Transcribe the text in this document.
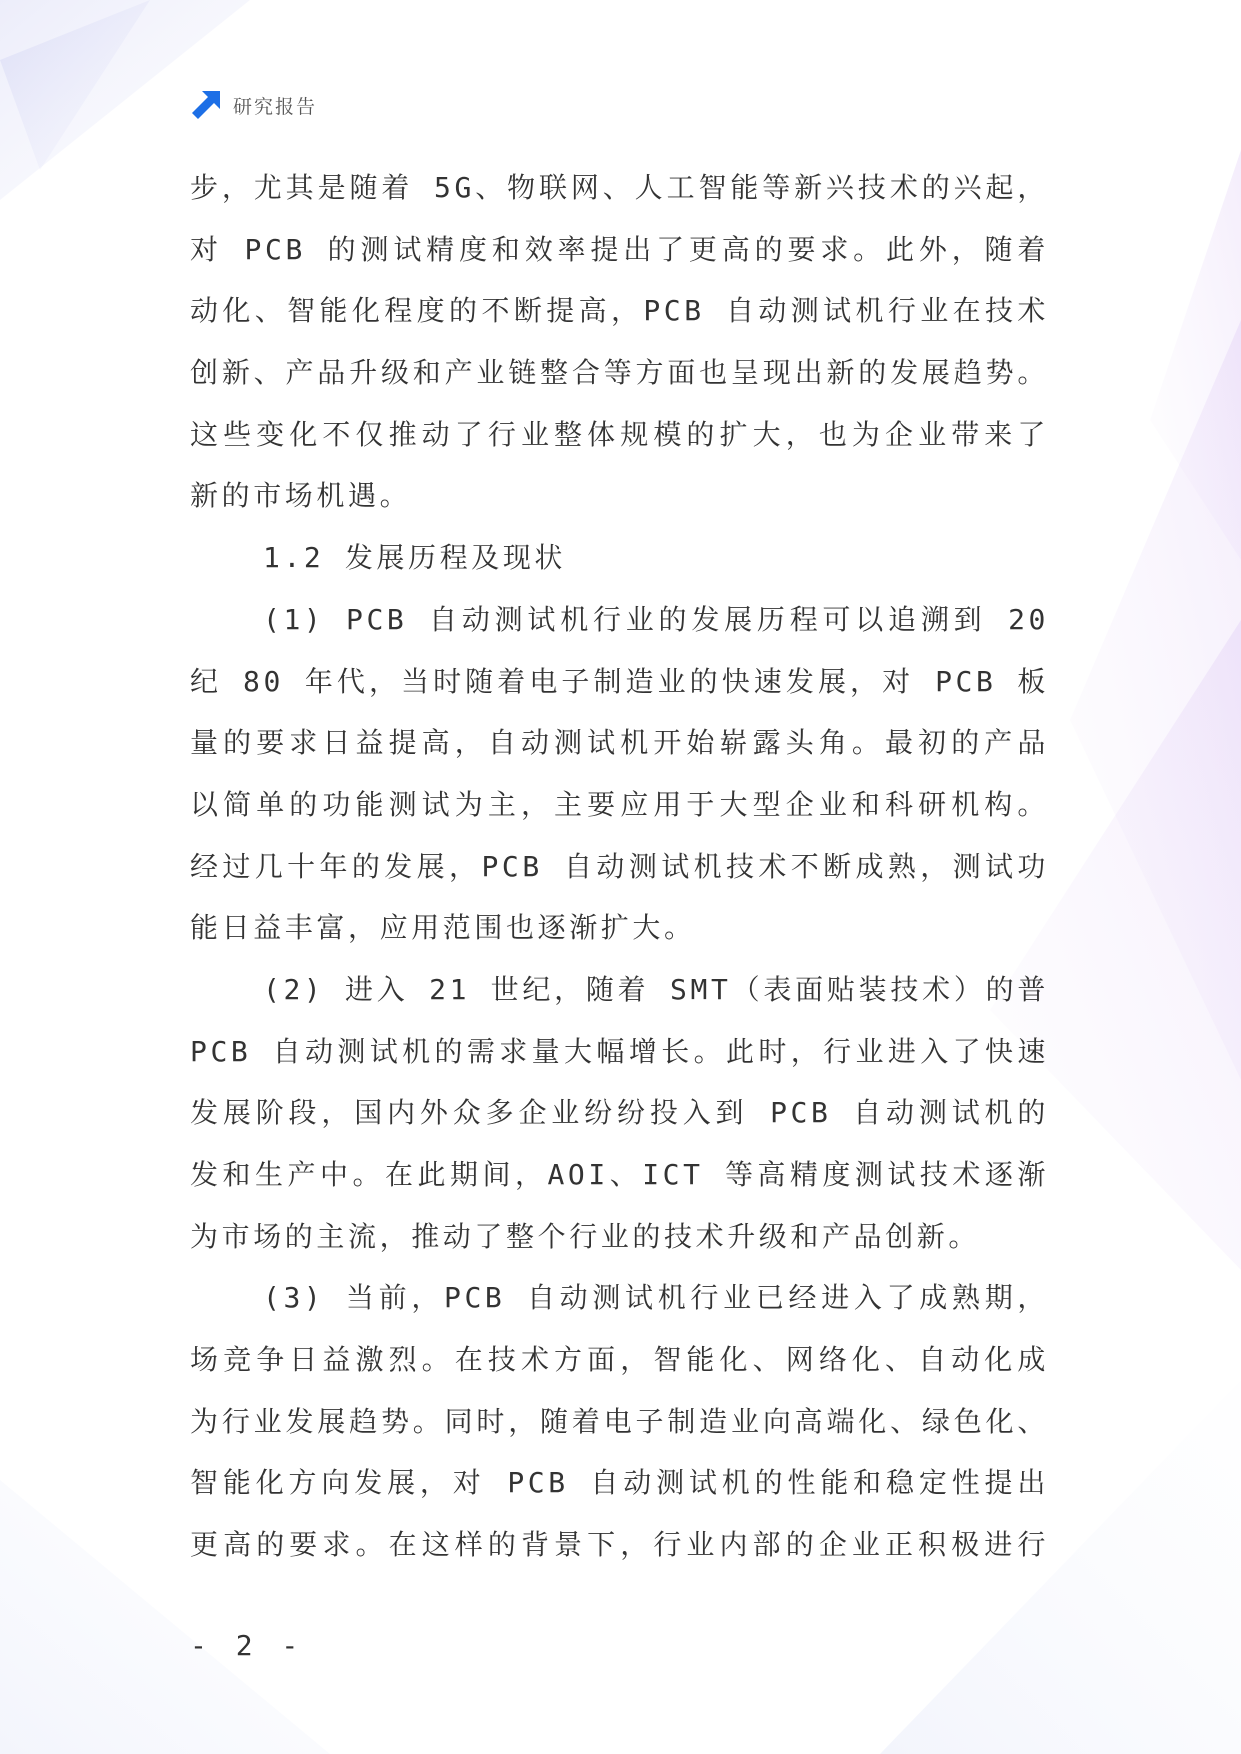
研究报告
步，尤其是随着 5G、物联网、人工智能等新兴技术的兴起，
对 PCB 的测试精度和效率提出了更高的要求。此外，随着
动化、智能化程度的不断提高，PCB 自动测试机行业在技术
创新、产品升级和产业链整合等方面也呈现出新的发展趋势。
这些变化不仅推动了行业整体规模的扩大，也为企业带来了
新的市场机遇。
1.2 发展历程及现状
(1) PCB 自动测试机行业的发展历程可以追溯到 20
纪 80 年代，当时随着电子制造业的快速发展，对 PCB 板
量的要求日益提高，自动测试机开始崭露头角。最初的产品
以简单的功能测试为主，主要应用于大型企业和科研机构。
经过几十年的发展，PCB 自动测试机技术不断成熟，测试功
能日益丰富，应用范围也逐渐扩大。
(2) 进入 21 世纪，随着 SMT（表面贴装技术）的普
PCB 自动测试机的需求量大幅增长。此时，行业进入了快速
发展阶段，国内外众多企业纷纷投入到 PCB 自动测试机的
发和生产中。在此期间，AOI、ICT 等高精度测试技术逐渐
为市场的主流，推动了整个行业的技术升级和产品创新。
(3) 当前，PCB 自动测试机行业已经进入了成熟期，
场竞争日益激烈。在技术方面，智能化、网络化、自动化成
为行业发展趋势。同时，随着电子制造业向高端化、绿色化、
智能化方向发展，对 PCB 自动测试机的性能和稳定性提出
更高的要求。在这样的背景下，行业内部的企业正积极进行
- 2 -
